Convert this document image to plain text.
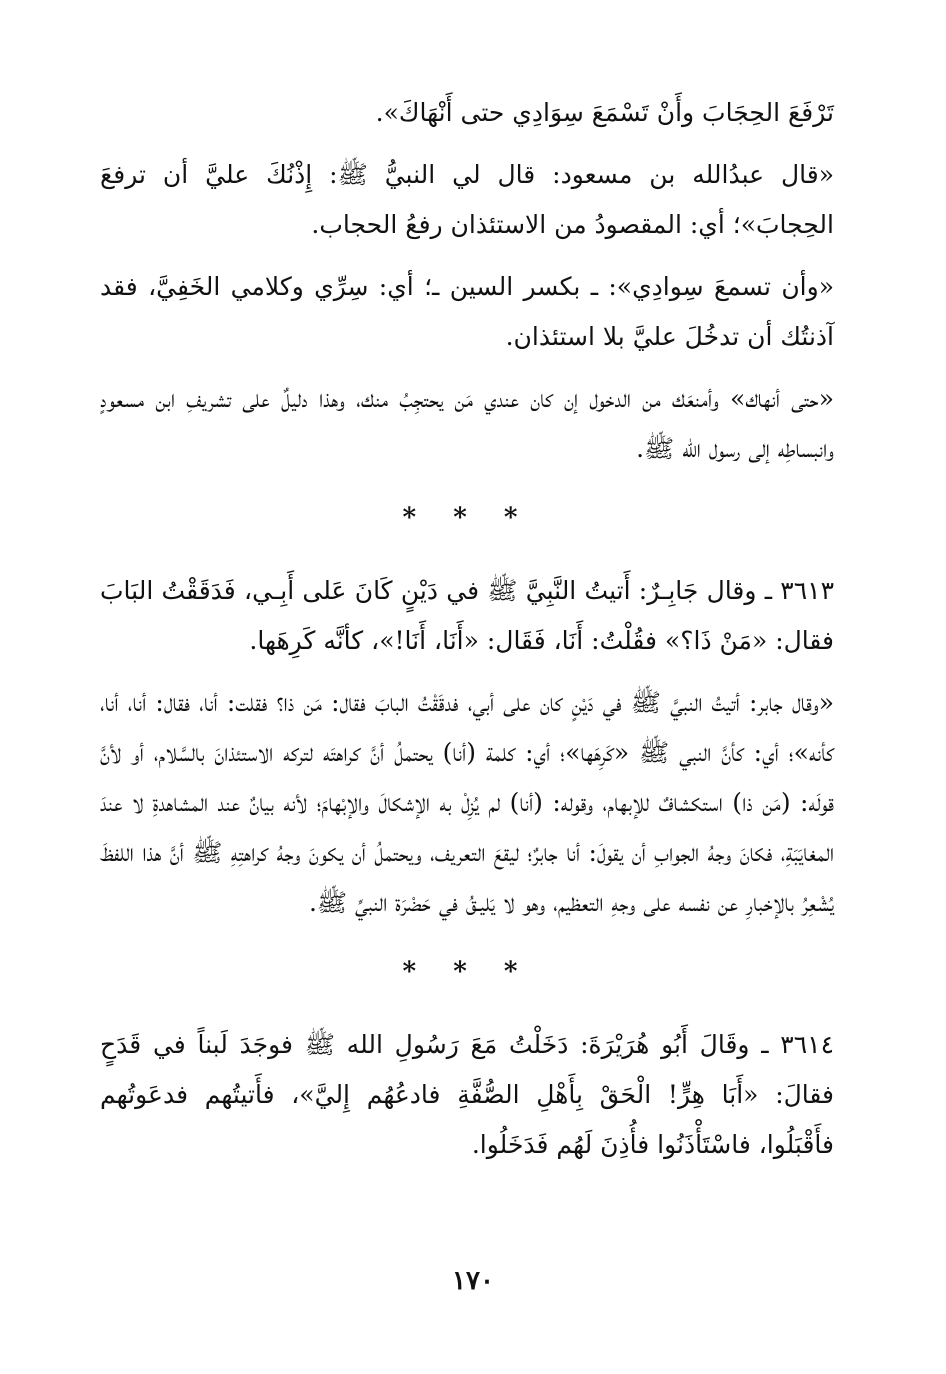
تَرْفَعَ الحِجَابَ وأَنْ تَسْمَعَ سِوَادِي حتى أَنْهَاكَ».

«قال عبدُالله بن مسعود: قال لي النبيُّ ﷺ: إِذْنُكَ عليَّ أن ترفعَ الحِجابَ»؛ أي: المقصودُ من الاستئذان رفعُ الحجاب.

«وأن تسمعَ سِوادِي»: ـ بكسر السين ـ؛ أي: سِرِّي وكلامي الخَفِيَّ، فقد آذنتُك أن تدخُلَ عليَّ بلا استئذان.

«حتى أنهاك» وأمنعَك من الدخول إن كان عندي مَن يحتجِبُ منك، وهذا دليلٌ على تشريفِ ابن مسعودٍ وانبساطِه إلى رسول الله ﷺ.

* * *

٣٦١٣ ـ وقال جَابِـرٌ: أَتيتُ النَّبِيَّ ﷺ في دَيْنٍ كَانَ عَلى أَبِـي، فَدَقَقْتُ البَابَ فقال: «مَنْ ذَا؟» فقُلْتُ: أَنَا، فَقَال: «أَنَا، أَنَا!»، كأنَّه كَرِهَها.

«وقال جابر: أتيتُ النبيَّ ﷺ في دَيْنٍ كان على أبي، فدقَقْتُ البابَ فقال: مَن ذا؟ فقلت: أنا، فقال: أنا، أنا، كأنه»؛ أي: كأنَّ النبي ﷺ «كَرِهَها»؛ أي: كلمة (أنا) يحتملُ أنَّ كراهتَه لتركه الاستئذانَ بالسَّلام، أو لأنَّ قولَه: (مَن ذا) استكشافٌ للإبهام، وقوله: (أنا) لم يُزِلْ به الإشكالَ والإبْهامَ؛ لأنه بيانٌ عند المشاهدةِ لا عندَ المغايَبَةِ، فكانَ وجهُ الجوابِ أن يقولَ: أنا جابرٌ؛ ليقعَ التعريف، ويحتملُ أن يكونَ وجهُ كراهتِهِ ﷺ أنَّ هذا اللفظَ يُشْعِرُ بالإخبارِ عن نفسه على وجهِ التعظيم، وهو لا يَليـقُ في حَضْرَة النبيِّ ﷺ.

* * *

٣٦١٤ ـ وقَالَ أَبُو هُرَيْرَةَ: دَخَلْتُ مَعَ رَسُولِ الله ﷺ فوجَدَ لَبناً في قَدَحٍ فقالَ: «أَبَا هِرٍّ! الْحَقْ بِأَهْلِ الصُّفَّةِ فادعُهُم إِليَّ»، فأَتيتُهم فدعَوتُهم فأَقْبَلُوا، فاسْتَأْذَنُوا فأُذِنَ لَهُم فَدَخَلُوا.

١٧٠
